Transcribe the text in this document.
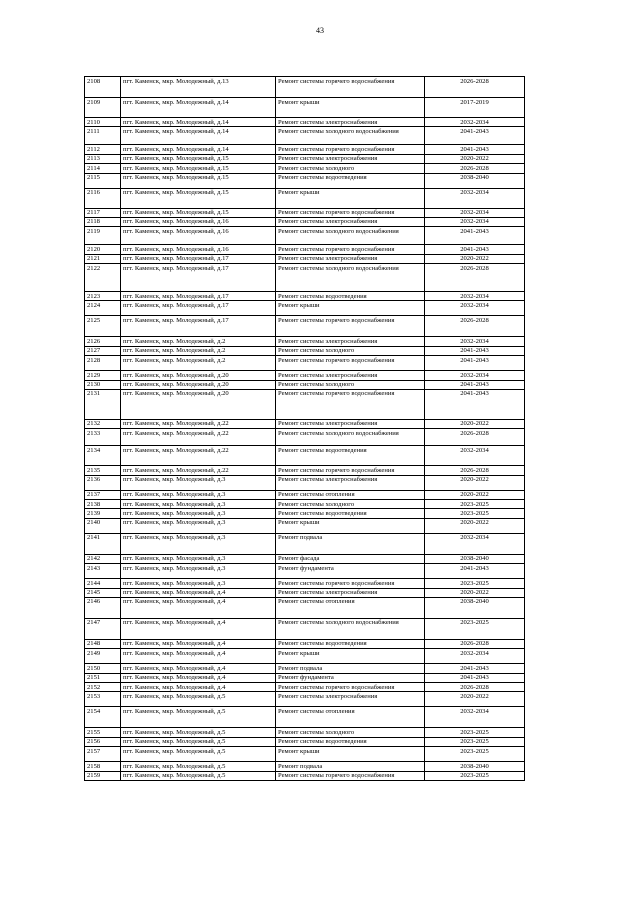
43
2108	пгт. Каменск, мкр. Молодежный, д.13	Ремонт системы горячего водоснабжения	2026-2028
2109	пгт. Каменск, мкр. Молодежный, д.14	Ремонт крыши	2017-2019
2110	пгт. Каменск, мкр. Молодежный, д.14	Ремонт системы электроснабжения	2032-2034
2111	пгт. Каменск, мкр. Молодежный, д.14	Ремонт системы холодного водоснабжения	2041-2043
2112	пгт. Каменск, мкр. Молодежный, д.14	Ремонт системы горячего водоснабжения	2041-2043
2113	пгт. Каменск, мкр. Молодежный, д.15	Ремонт системы электроснабжения	2020-2022
2114	пгт. Каменск, мкр. Молодежный, д.15	Ремонт системы холодного	2026-2028
2115	пгт. Каменск, мкр. Молодежный, д.15	Ремонт системы водоотведения	2038-2040
2116	пгт. Каменск, мкр. Молодежный, д.15	Ремонт крыши	2032-2034
2117	пгт. Каменск, мкр. Молодежный, д.15	Ремонт системы горячего водоснабжения	2032-2034
2118	пгт. Каменск, мкр. Молодежный, д.16	Ремонт системы электроснабжения	2032-2034
2119	пгт. Каменск, мкр. Молодежный, д.16	Ремонт системы холодного водоснабжения	2041-2043
2120	пгт. Каменск, мкр. Молодежный, д.16	Ремонт системы горячего водоснабжения	2041-2043
2121	пгт. Каменск, мкр. Молодежный, д.17	Ремонт системы электроснабжения	2020-2022
2122	пгт. Каменск, мкр. Молодежный, д.17	Ремонт системы холодного водоснабжения	2026-2028
2123	пгт. Каменск, мкр. Молодежный, д.17	Ремонт системы водоотведения	2032-2034
2124	пгт. Каменск, мкр. Молодежный, д.17	Ремонт крыши	2032-2034
2125	пгт. Каменск, мкр. Молодежный, д.17	Ремонт системы горячего водоснабжения	2026-2028
2126	пгт. Каменск, мкр. Молодежный, д.2	Ремонт системы электроснабжения	2032-2034
2127	пгт. Каменск, мкр. Молодежный, д.2	Ремонт системы холодного	2041-2043
2128	пгт. Каменск, мкр. Молодежный, д.2	Ремонт системы горячего водоснабжения	2041-2043
2129	пгт. Каменск, мкр. Молодежный, д.20	Ремонт системы электроснабжения	2032-2034
2130	пгт. Каменск, мкр. Молодежный, д.20	Ремонт системы холодного	2041-2043
2131	пгт. Каменск, мкр. Молодежный, д.20	Ремонт системы горячего водоснабжения	2041-2043
2132	пгт. Каменск, мкр. Молодежный, д.22	Ремонт системы электроснабжения	2020-2022
2133	пгт. Каменск, мкр. Молодежный, д.22	Ремонт системы холодного водоснабжения	2026-2028
2134	пгт. Каменск, мкр. Молодежный, д.22	Ремонт системы водоотведения	2032-2034
2135	пгт. Каменск, мкр. Молодежный, д.22	Ремонт системы горячего водоснабжения	2026-2028
2136	пгт. Каменск, мкр. Молодежный, д.3	Ремонт системы электроснабжения	2020-2022
2137	пгт. Каменск, мкр. Молодежный, д.3	Ремонт системы отопления	2020-2022
2138	пгт. Каменск, мкр. Молодежный, д.3	Ремонт системы холодного	2023-2025
2139	пгт. Каменск, мкр. Молодежный, д.3	Ремонт системы водоотведения	2023-2025
2140	пгт. Каменск, мкр. Молодежный, д.3	Ремонт крыши	2020-2022
2141	пгт. Каменск, мкр. Молодежный, д.3	Ремонт подвала	2032-2034
2142	пгт. Каменск, мкр. Молодежный, д.3	Ремонт фасада	2038-2040
2143	пгт. Каменск, мкр. Молодежный, д.3	Ремонт фундамента	2041-2043
2144	пгт. Каменск, мкр. Молодежный, д.3	Ремонт системы горячего водоснабжения	2023-2025
2145	пгт. Каменск, мкр. Молодежный, д.4	Ремонт системы электроснабжения	2020-2022
2146	пгт. Каменск, мкр. Молодежный, д.4	Ремонт системы отопления	2038-2040
2147	пгт. Каменск, мкр. Молодежный, д.4	Ремонт системы холодного водоснабжения	2023-2025
2148	пгт. Каменск, мкр. Молодежный, д.4	Ремонт системы водоотведения	2026-2028
2149	пгт. Каменск, мкр. Молодежный, д.4	Ремонт крыши	2032-2034
2150	пгт. Каменск, мкр. Молодежный, д.4	Ремонт подвала	2041-2043
2151	пгт. Каменск, мкр. Молодежный, д.4	Ремонт фундамента	2041-2043
2152	пгт. Каменск, мкр. Молодежный, д.4	Ремонт системы горячего водоснабжения	2026-2028
2153	пгт. Каменск, мкр. Молодежный, д.5	Ремонт системы электроснабжения	2020-2022
2154	пгт. Каменск, мкр. Молодежный, д.5	Ремонт системы отопления	2032-2034
2155	пгт. Каменск, мкр. Молодежный, д.5	Ремонт системы холодного	2023-2025
2156	пгт. Каменск, мкр. Молодежный, д.5	Ремонт системы водоотведения	2023-2025
2157	пгт. Каменск, мкр. Молодежный, д.5	Ремонт крыши	2023-2025
2158	пгт. Каменск, мкр. Молодежный, д.5	Ремонт подвала	2038-2040
2159	пгт. Каменск, мкр. Молодежный, д.5	Ремонт системы горячего водоснабжения	2023-2025
